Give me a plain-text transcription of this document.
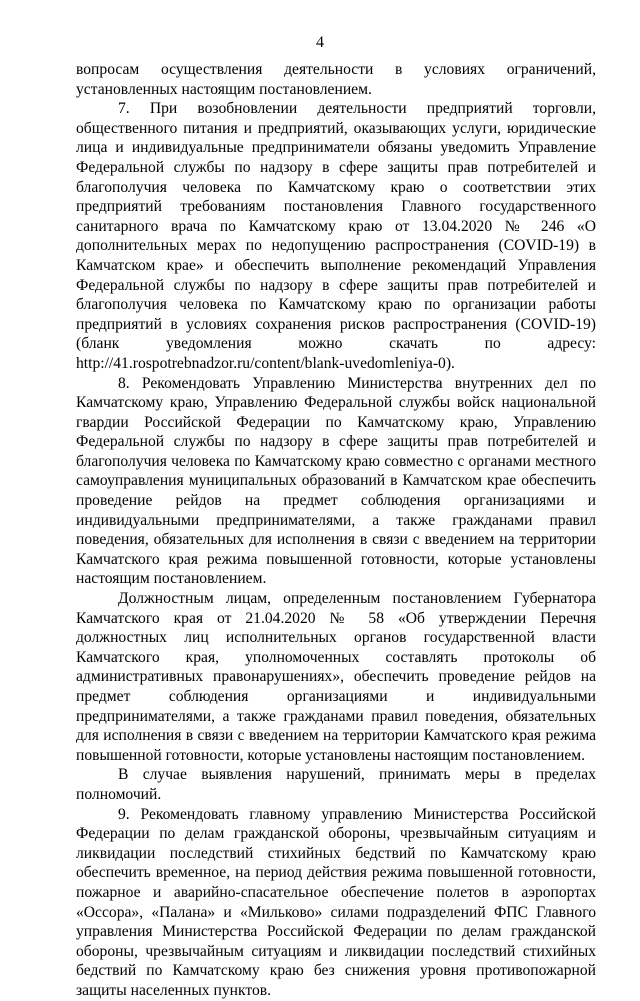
4

вопросам осуществления деятельности в условиях ограничений, установленных настоящим постановлением.

7. При возобновлении деятельности предприятий торговли, общественного питания и предприятий, оказывающих услуги, юридические лица и индивидуальные предприниматели обязаны уведомить Управление Федеральной службы по надзору в сфере защиты прав потребителей и благополучия человека по Камчатскому краю о соответствии этих предприятий требованиям постановления Главного государственного санитарного врача по Камчатскому краю от 13.04.2020 № 246 «О дополнительных мерах по недопущению распространения (COVID-19) в Камчатском крае» и обеспечить выполнение рекомендаций Управления Федеральной службы по надзору в сфере защиты прав потребителей и благополучия человека по Камчатскому краю по организации работы предприятий в условиях сохранения рисков распространения (COVID-19) (бланк уведомления можно скачать по адресу: http://41.rospotrebnadzor.ru/content/blank-uvedomleniya-0).

8. Рекомендовать Управлению Министерства внутренних дел по Камчатскому краю, Управлению Федеральной службы войск национальной гвардии Российской Федерации по Камчатскому краю, Управлению Федеральной службы по надзору в сфере защиты прав потребителей и благополучия человека по Камчатскому краю совместно с органами местного самоуправления муниципальных образований в Камчатском крае обеспечить проведение рейдов на предмет соблюдения организациями и индивидуальными предпринимателями, а также гражданами правил поведения, обязательных для исполнения в связи с введением на территории Камчатского края режима повышенной готовности, которые установлены настоящим постановлением.

Должностным лицам, определенным постановлением Губернатора Камчатского края от 21.04.2020 № 58 «Об утверждении Перечня должностных лиц исполнительных органов государственной власти Камчатского края, уполномоченных составлять протоколы об административных правонарушениях», обеспечить проведение рейдов на предмет соблюдения организациями и индивидуальными предпринимателями, а также гражданами правил поведения, обязательных для исполнения в связи с введением на территории Камчатского края режима повышенной готовности, которые установлены настоящим постановлением.

В случае выявления нарушений, принимать меры в пределах полномочий.

9. Рекомендовать главному управлению Министерства Российской Федерации по делам гражданской обороны, чрезвычайным ситуациям и ликвидации последствий стихийных бедствий по Камчатскому краю обеспечить временное, на период действия режима повышенной готовности, пожарное и аварийно-спасательное обеспечение полетов в аэропортах «Оссора», «Палана» и «Мильково» силами подразделений ФПС Главного управления Министерства Российской Федерации по делам гражданской обороны, чрезвычайным ситуациям и ликвидации последствий стихийных бедствий по Камчатскому краю без снижения уровня противопожарной защиты населенных пунктов.
